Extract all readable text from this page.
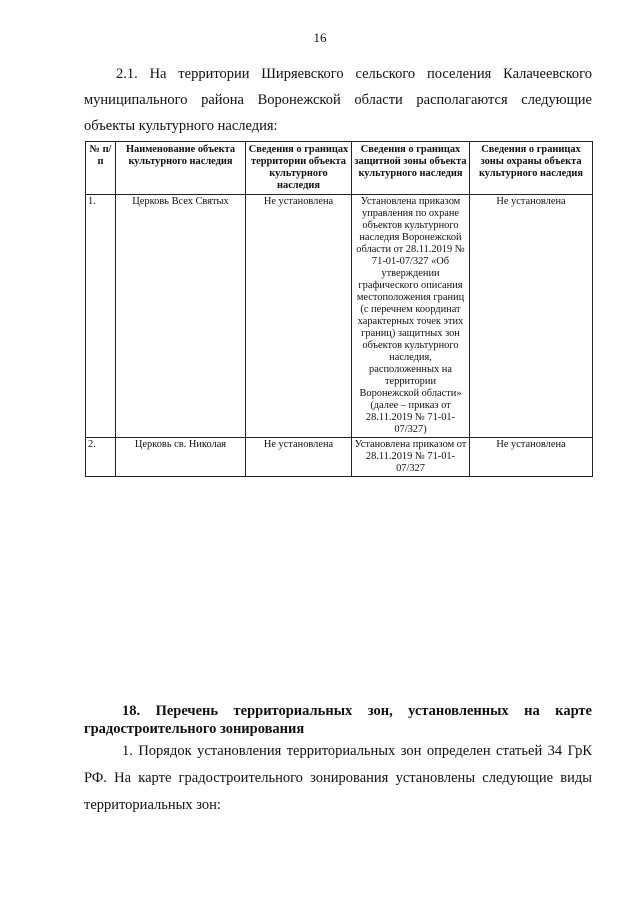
16

2.1. На территории Ширяевского сельского поселения Калачеевского муниципального района Воронежской области располагаются следующие объекты культурного наследия:

№ п/п	Наименование объекта культурного наследия	Сведения о границах территории объекта культурного наследия	Сведения о границах защитной зоны объекта культурного наследия	Сведения о границах зоны охраны объекта культурного наследия
1.	Церковь Всех Святых	Не установлена	Установлена приказом управления по охране объектов культурного наследия Воронежской области от 28.11.2019 № 71-01-07/327 «Об утверждении графического описания местоположения границ (с перечнем координат характерных точек этих границ) защитных зон объектов культурного наследия, расположенных на территории Воронежской области» (далее – приказ от 28.11.2019 № 71-01-07/327)	Не установлена
2.	Церковь св. Николая	Не установлена	Установлена приказом от 28.11.2019 № 71-01-07/327	Не установлена

18. Перечень территориальных зон, установленных на карте градостроительного зонирования

1. Порядок установления территориальных зон определен статьей 34 ГрК РФ. На карте градостроительного зонирования установлены следующие виды территориальных зон:
